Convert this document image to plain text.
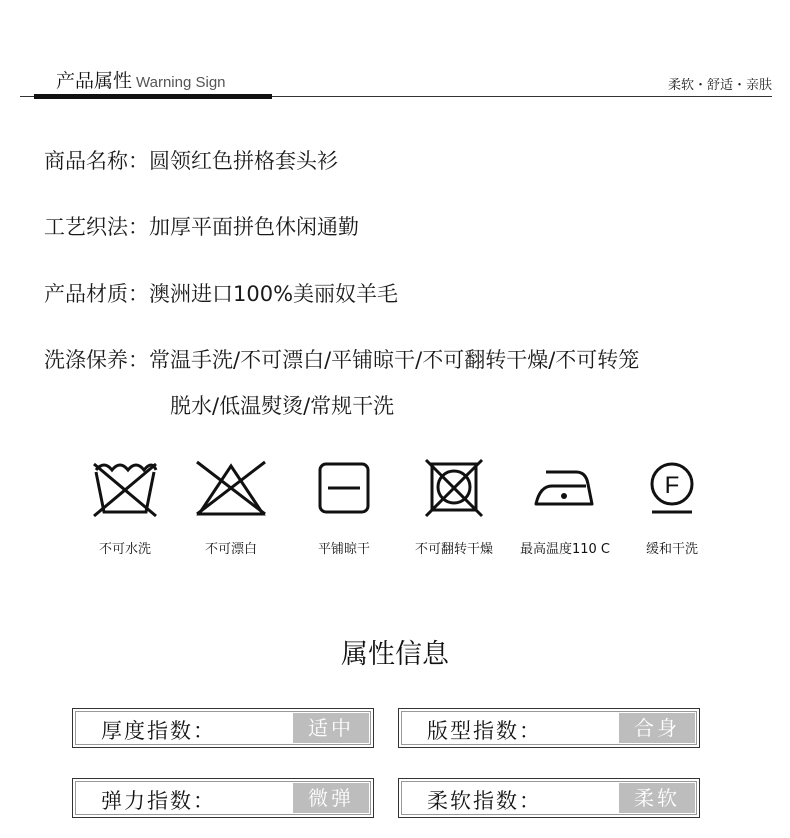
产品属性 Warning Sign	柔软・舒适・亲肤
商品名称：圆领红色拼格套头衫
工艺织法：加厚平面拼色休闲通勤
产品材质：澳洲进口100%美丽奴羊毛
洗涤保养：常温手洗/不可漂白/平铺晾干/不可翻转干燥/不可转笼
脱水/低温熨烫/常规干洗
不可水洗	不可漂白	平铺晾干	不可翻转干燥	最高温度110 C
F
缓和干洗
属性信息
厚度指数：	适中	版型指数：	合身
弹力指数：	微弹	柔软指数：	柔软
